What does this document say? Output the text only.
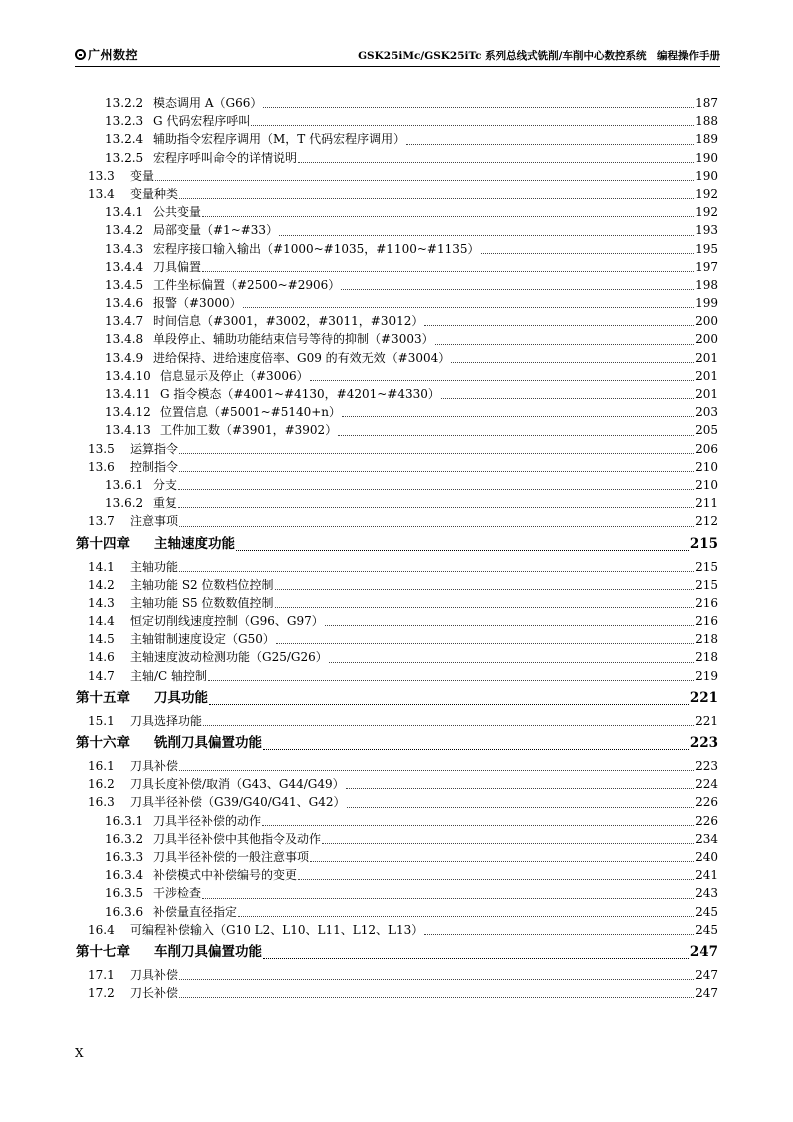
广州数控	GSK25iMc/GSK25iTc 系列总线式铣削/车削中心数控系统　编程操作手册
13.2.2 模态调用 A（G66）	187
13.2.3 G 代码宏程序呼叫	188
13.2.4 辅助指令宏程序调用（M，T 代码宏程序调用）	189
13.2.5 宏程序呼叫命令的详情说明	190
13.3	变量	190
13.4	变量种类	192
13.4.1 公共变量	192
13.4.2 局部变量（#1~#33）	193
13.4.3 宏程序接口输入输出（#1000~#1035，#1100~#1135）	195
13.4.4 刀具偏置	197
13.4.5 工件坐标偏置（#2500~#2906）	198
13.4.6 报警（#3000）	199
13.4.7 时间信息（#3001，#3002，#3011，#3012）	200
13.4.8 单段停止、辅助功能结束信号等待的抑制（#3003）	200
13.4.9 进给保持、进给速度倍率、G09 的有效无效（#3004）	201
13.4.10 信息显示及停止（#3006）	201
13.4.11 G 指令模态（#4001~#4130，#4201~#4330）	201
13.4.12 位置信息（#5001~#5140+n）	203
13.4.13 工件加工数（#3901，#3902）	205
13.5	运算指令	206
13.6	控制指令	210
13.6.1 分支	210
13.6.2 重复	211
13.7	注意事项	212
第十四章	主轴速度功能	215
14.1	主轴功能	215
14.2	主轴功能 S2 位数档位控制	215
14.3	主轴功能 S5 位数数值控制	216
14.4	恒定切削线速度控制（G96、G97）	216
14.5	主轴钳制速度设定（G50）	218
14.6	主轴速度波动检测功能（G25/G26）	218
14.7	主轴/C 轴控制	219
第十五章	刀具功能	221
15.1	刀具选择功能	221
第十六章	铣削刀具偏置功能	223
16.1	刀具补偿	223
16.2	刀具长度补偿/取消（G43、G44/G49）	224
16.3	刀具半径补偿（G39/G40/G41、G42）	226
16.3.1 刀具半径补偿的动作	226
16.3.2 刀具半径补偿中其他指令及动作	234
16.3.3 刀具半径补偿的一般注意事项	240
16.3.4 补偿模式中补偿编号的变更	241
16.3.5 干涉检查	243
16.3.6 补偿量直径指定	245
16.4	可编程补偿输入（G10 L2、L10、L11、L12、L13）	245
第十七章	车削刀具偏置功能	247
17.1	刀具补偿	247
17.2	刀长补偿	247
X
